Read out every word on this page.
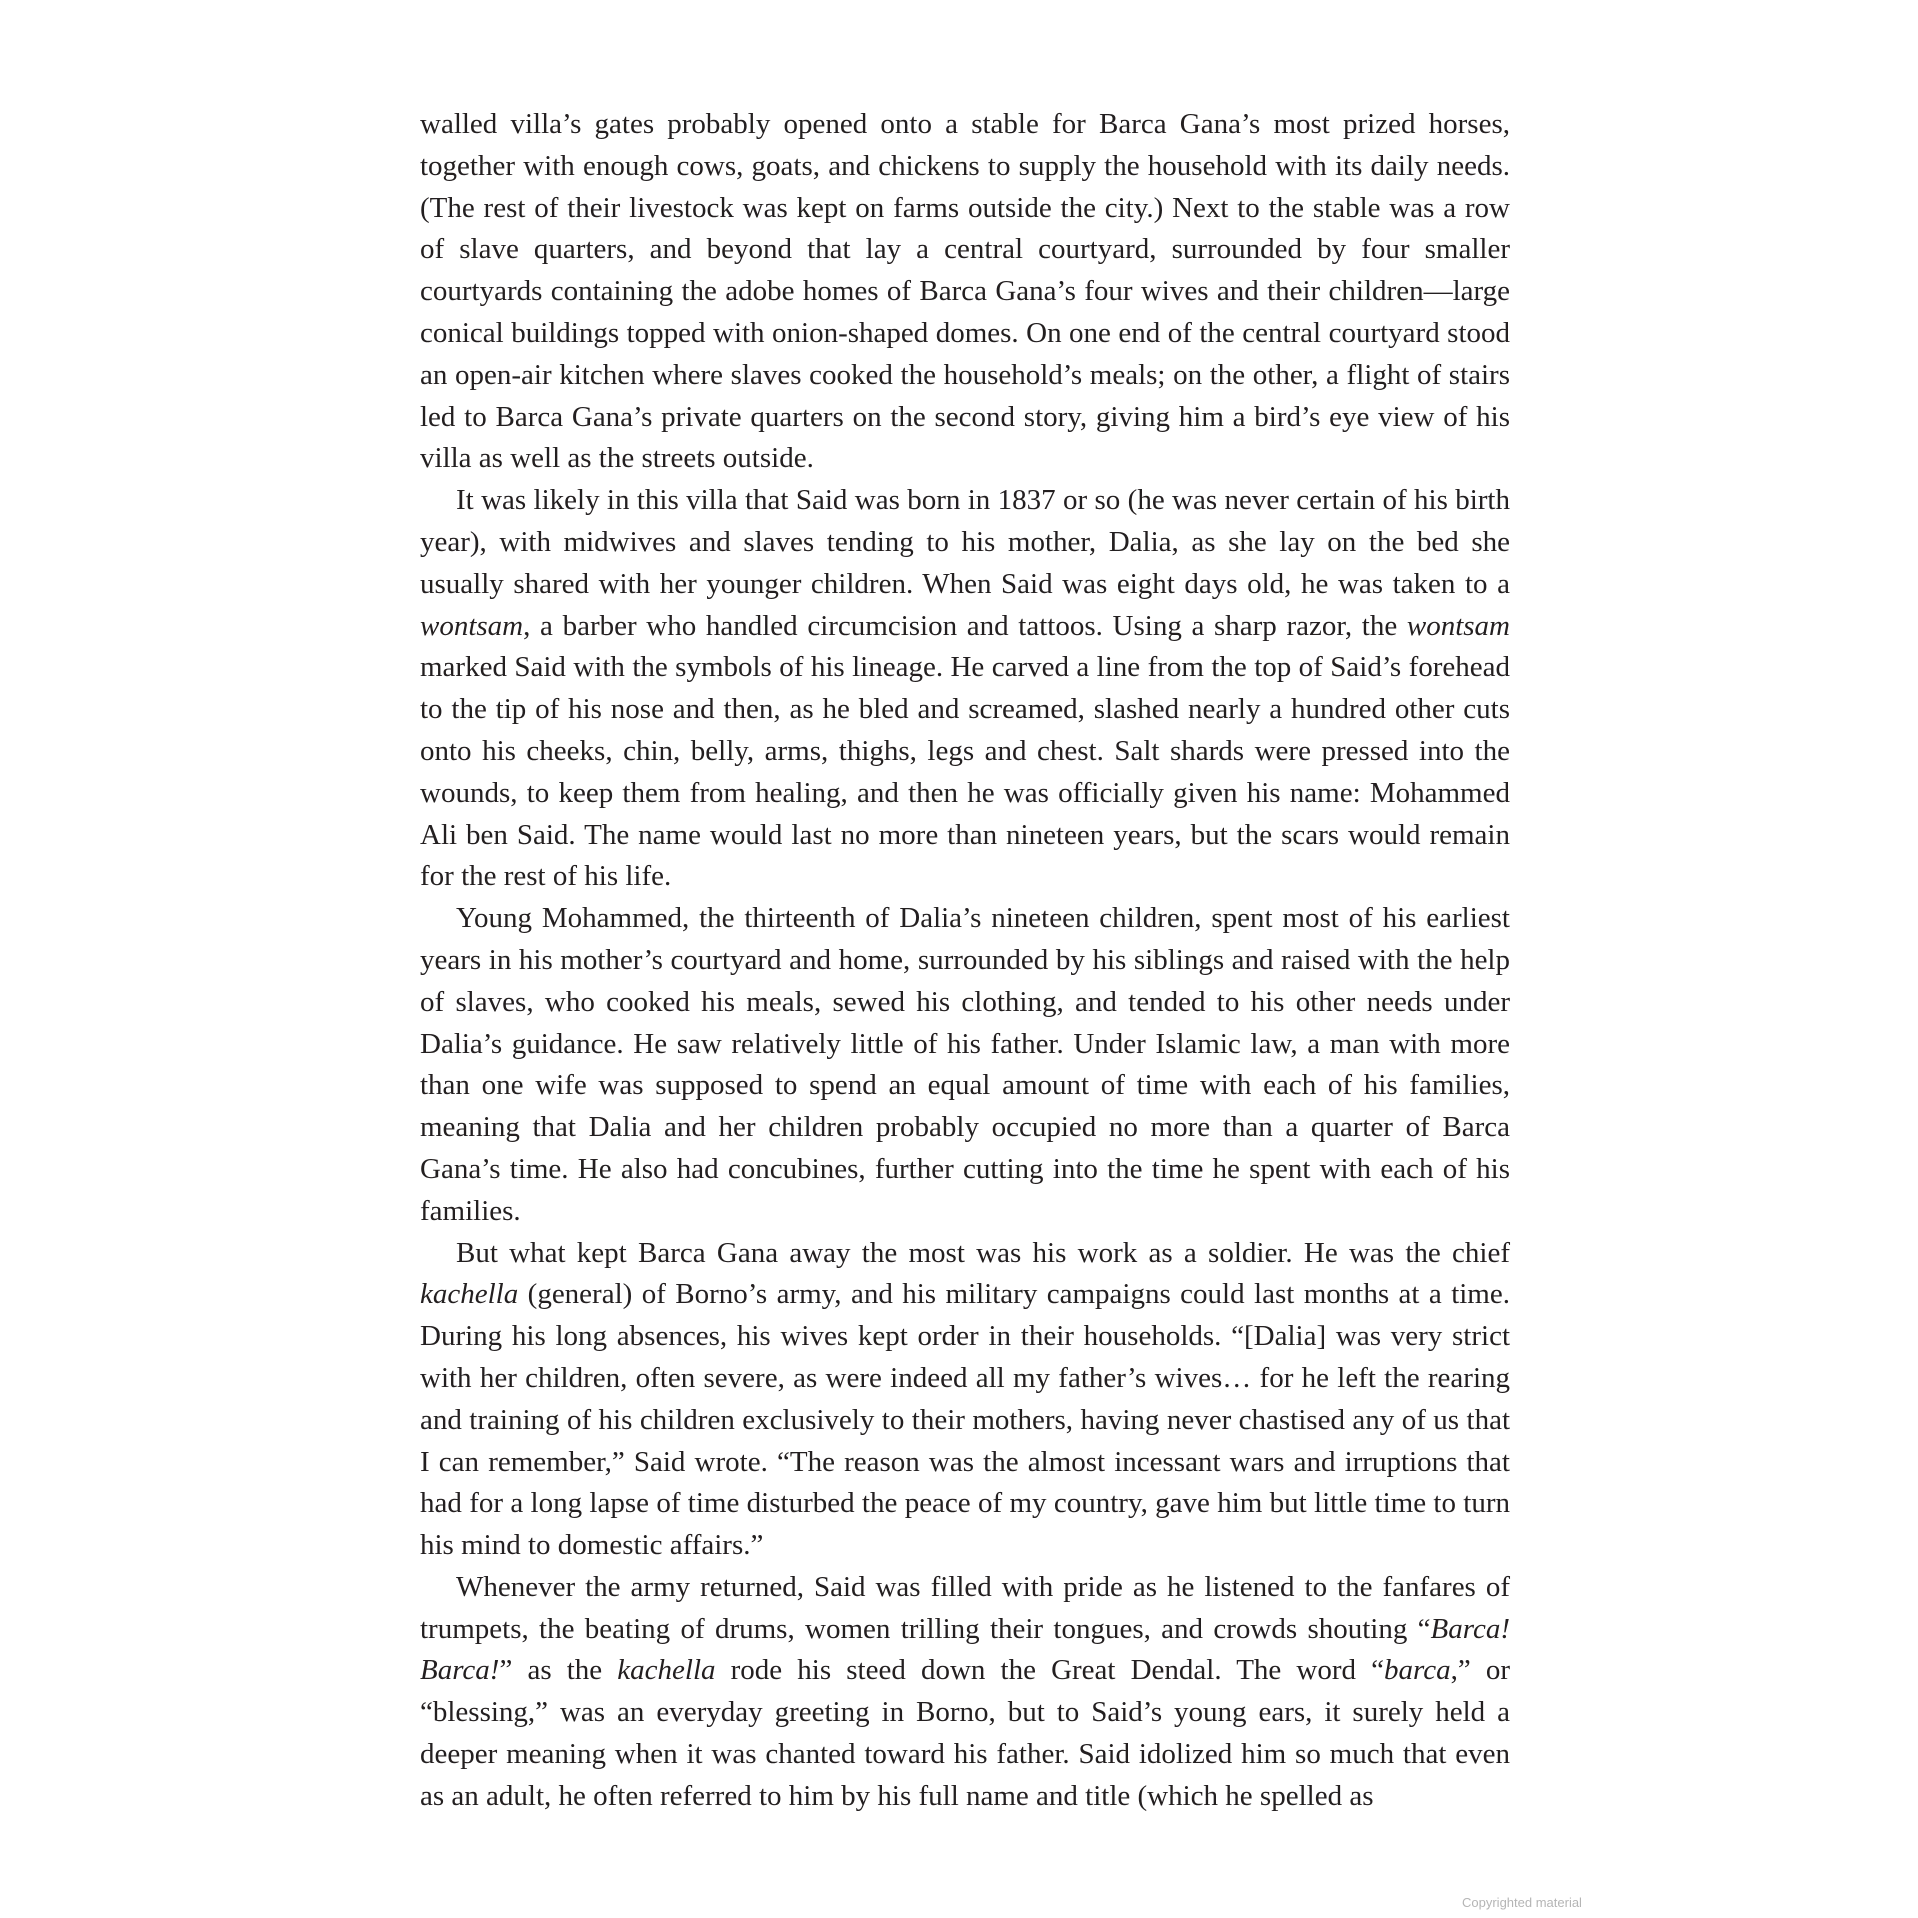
walled villa’s gates probably opened onto a stable for Barca Gana’s most prized horses, together with enough cows, goats, and chickens to supply the household with its daily needs. (The rest of their livestock was kept on farms outside the city.) Next to the stable was a row of slave quarters, and beyond that lay a central courtyard, surrounded by four smaller courtyards containing the adobe homes of Barca Gana’s four wives and their children—large conical buildings topped with onion-shaped domes. On one end of the central courtyard stood an open-air kitchen where slaves cooked the household’s meals; on the other, a flight of stairs led to Barca Gana’s private quarters on the second story, giving him a bird’s eye view of his villa as well as the streets outside.

It was likely in this villa that Said was born in 1837 or so (he was never certain of his birth year), with midwives and slaves tending to his mother, Dalia, as she lay on the bed she usually shared with her younger children. When Said was eight days old, he was taken to a wontsam, a barber who handled circumcision and tattoos. Using a sharp razor, the wontsam marked Said with the symbols of his lineage. He carved a line from the top of Said’s forehead to the tip of his nose and then, as he bled and screamed, slashed nearly a hundred other cuts onto his cheeks, chin, belly, arms, thighs, legs and chest. Salt shards were pressed into the wounds, to keep them from healing, and then he was officially given his name: Mohammed Ali ben Said. The name would last no more than nineteen years, but the scars would remain for the rest of his life.

Young Mohammed, the thirteenth of Dalia’s nineteen children, spent most of his earliest years in his mother’s courtyard and home, surrounded by his siblings and raised with the help of slaves, who cooked his meals, sewed his clothing, and tended to his other needs under Dalia’s guidance. He saw relatively little of his father. Under Islamic law, a man with more than one wife was supposed to spend an equal amount of time with each of his families, meaning that Dalia and her children probably occupied no more than a quarter of Barca Gana’s time. He also had concubines, further cutting into the time he spent with each of his families.

But what kept Barca Gana away the most was his work as a soldier. He was the chief kachella (general) of Borno’s army, and his military campaigns could last months at a time. During his long absences, his wives kept order in their households. “[Dalia] was very strict with her children, often severe, as were indeed all my father’s wives… for he left the rearing and training of his children exclusively to their mothers, having never chastised any of us that I can remember,” Said wrote. “The reason was the almost incessant wars and irruptions that had for a long lapse of time disturbed the peace of my country, gave him but little time to turn his mind to domestic affairs.”

Whenever the army returned, Said was filled with pride as he listened to the fanfares of trumpets, the beating of drums, women trilling their tongues, and crowds shouting “Barca! Barca!” as the kachella rode his steed down the Great Dendal. The word “barca,” or “blessing,” was an everyday greeting in Borno, but to Said’s young ears, it surely held a deeper meaning when it was chanted toward his father. Said idolized him so much that even as an adult, he often referred to him by his full name and title (which he spelled as

Copyrighted material
